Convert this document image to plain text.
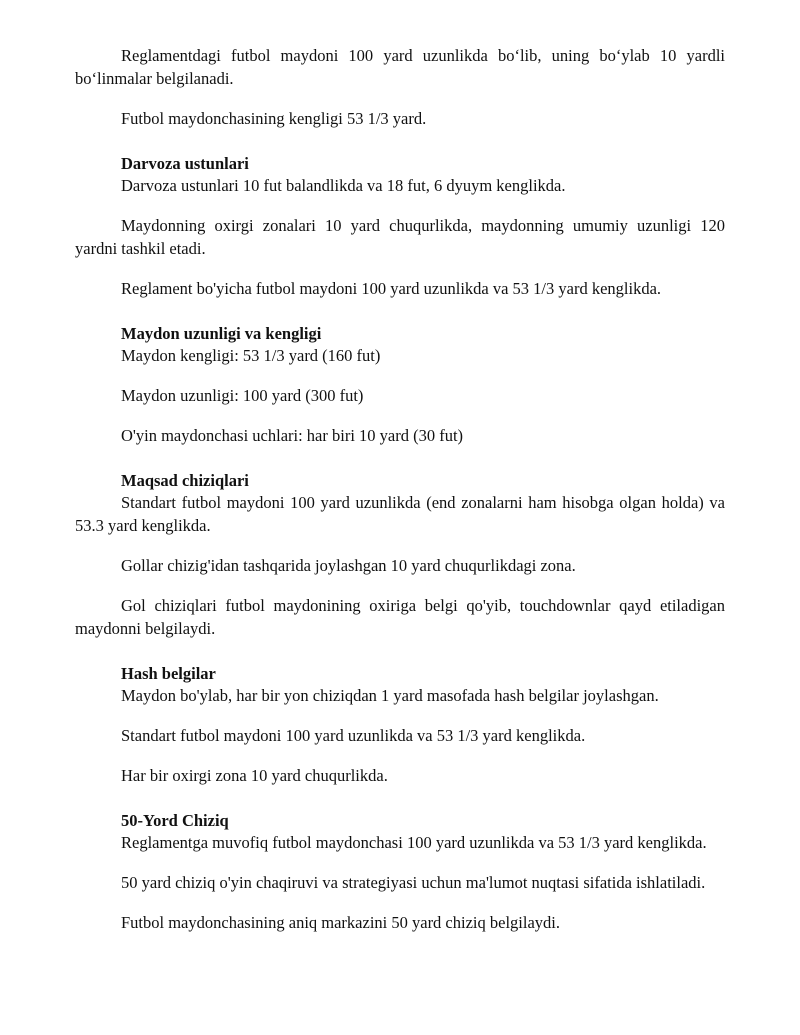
Reglamentdagi futbol maydoni 100 yard uzunlikda bo‘lib, uning bo‘ylab 10 yardli bo‘linmalar belgilanadi.

Futbol maydonchasining kengligi 53 1/3 yard.

Darvoza ustunlari

Darvoza ustunlari 10 fut balandlikda va 18 fut, 6 dyuym kenglikda.

Maydonning oxirgi zonalari 10 yard chuqurlikda, maydonning umumiy uzunligi 120 yardni tashkil etadi.

Reglament bo'yicha futbol maydoni 100 yard uzunlikda va 53 1/3 yard kenglikda.

Maydon uzunligi va kengligi

Maydon kengligi: 53 1/3 yard (160 fut)

Maydon uzunligi: 100 yard (300 fut)

O'yin maydonchasi uchlari: har biri 10 yard (30 fut)

Maqsad chiziqlari

Standart futbol maydoni 100 yard uzunlikda (end zonalarni ham hisobga olgan holda) va 53.3 yard kenglikda.

Gollar chizig'idan tashqarida joylashgan 10 yard chuqurlikdagi zona.

Gol chiziqlari futbol maydonining oxiriga belgi qo'yib, touchdownlar qayd etiladigan maydonni belgilaydi.

Hash belgilar

Maydon bo'ylab, har bir yon chiziqdan 1 yard masofada hash belgilar joylashgan.

Standart futbol maydoni 100 yard uzunlikda va 53 1/3 yard kenglikda.

Har bir oxirgi zona 10 yard chuqurlikda.

50-Yord Chiziq

Reglamentga muvofiq futbol maydonchasi 100 yard uzunlikda va 53 1/3 yard kenglikda.

50 yard chiziq o'yin chaqiruvi va strategiyasi uchun ma'lumot nuqtasi sifatida ishlatiladi.

Futbol maydonchasining aniq markazini 50 yard chiziq belgilaydi.
